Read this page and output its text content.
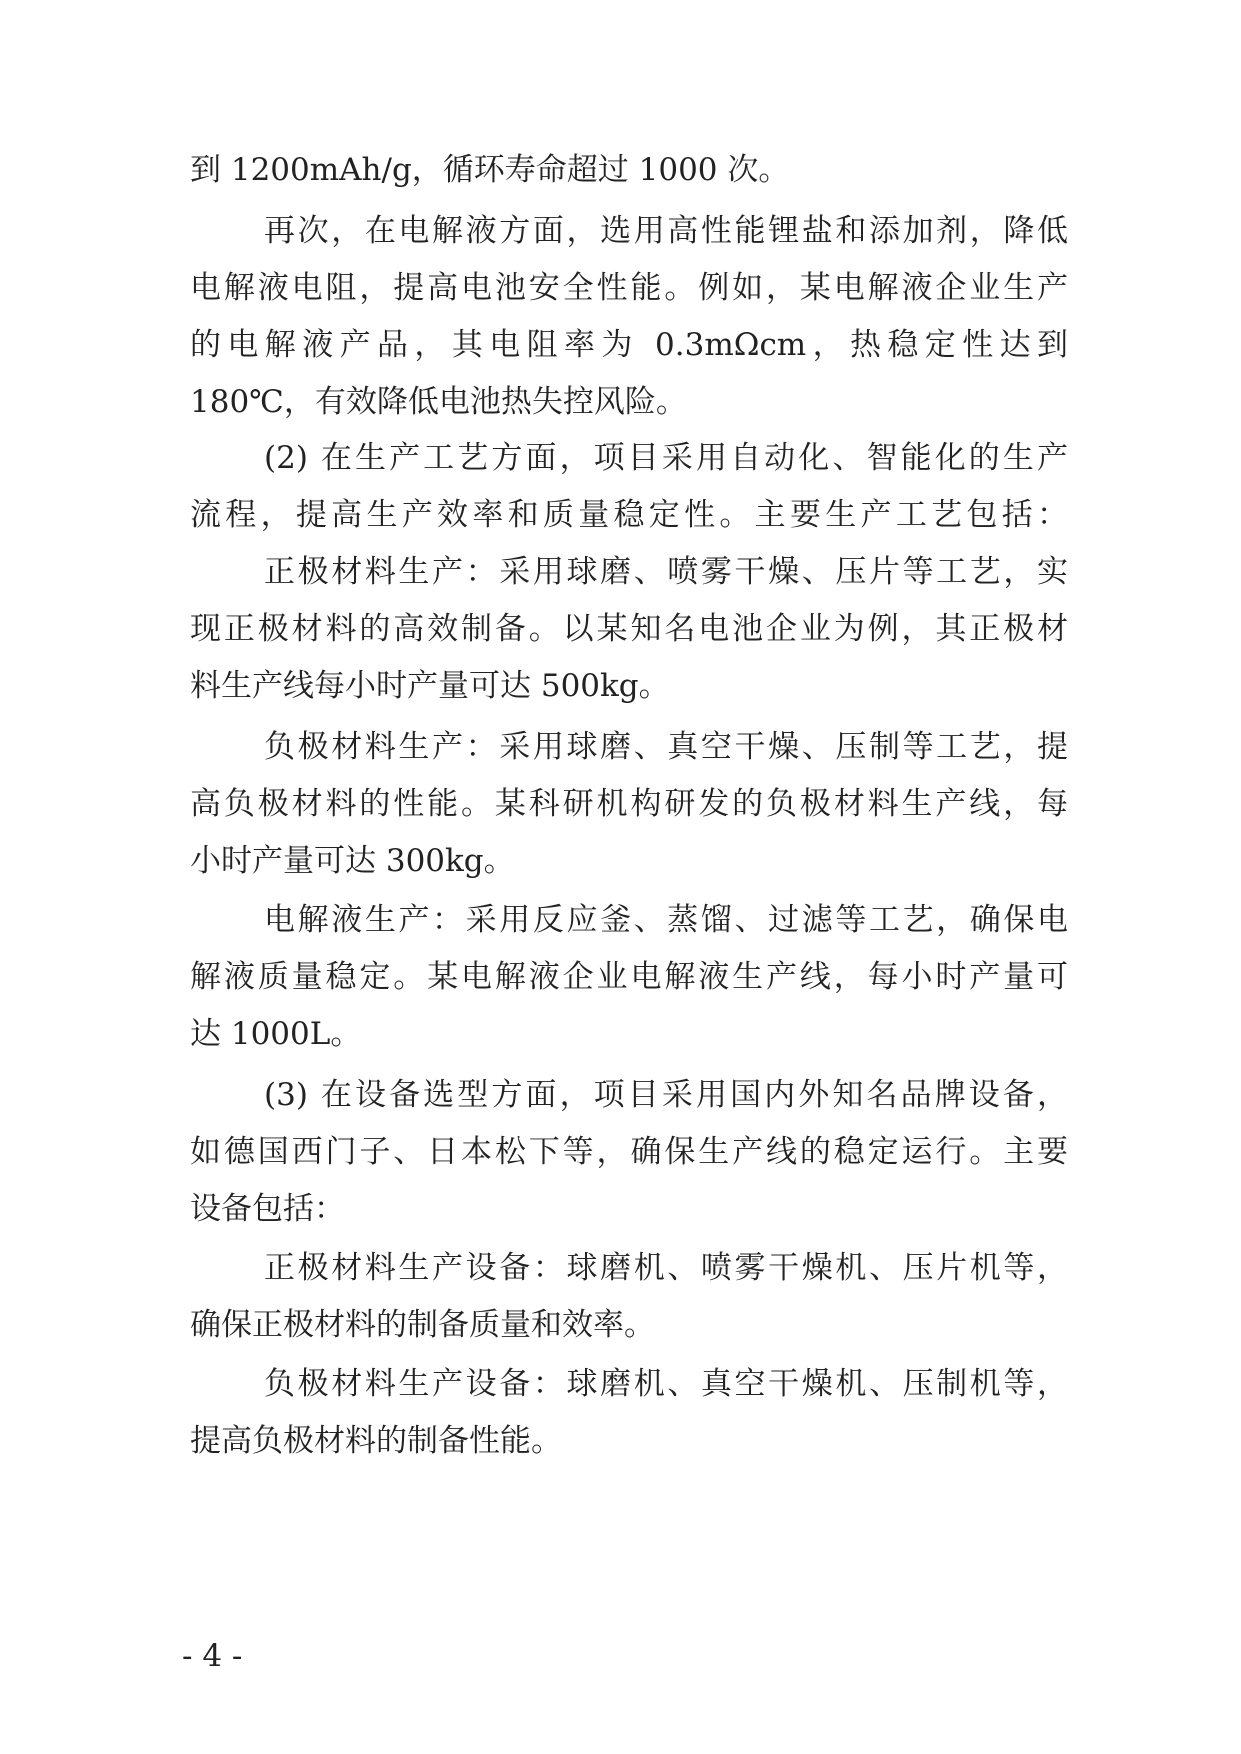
到 1200mAh/g，循环寿命超过 1000 次。
再次，在电解液方面，选用高性能锂盐和添加剂，降低
电解液电阻，提高电池安全性能。例如，某电解液企业生产
的电解液产品，其电阻率为 0.3mΩcm，热稳定性达到
180℃，有效降低电池热失控风险。
(2) 在生产工艺方面，项目采用自动化、智能化的生产
流程，提高生产效率和质量稳定性。主要生产工艺包括：
正极材料生产：采用球磨、喷雾干燥、压片等工艺，实
现正极材料的高效制备。以某知名电池企业为例，其正极材
料生产线每小时产量可达 500kg。
负极材料生产：采用球磨、真空干燥、压制等工艺，提
高负极材料的性能。某科研机构研发的负极材料生产线，每
小时产量可达 300kg。
电解液生产：采用反应釜、蒸馏、过滤等工艺，确保电
解液质量稳定。某电解液企业电解液生产线，每小时产量可
达 1000L。
(3) 在设备选型方面，项目采用国内外知名品牌设备，
如德国西门子、日本松下等，确保生产线的稳定运行。主要
设备包括：
正极材料生产设备：球磨机、喷雾干燥机、压片机等，
确保正极材料的制备质量和效率。
负极材料生产设备：球磨机、真空干燥机、压制机等，
提高负极材料的制备性能。
- 4 -
